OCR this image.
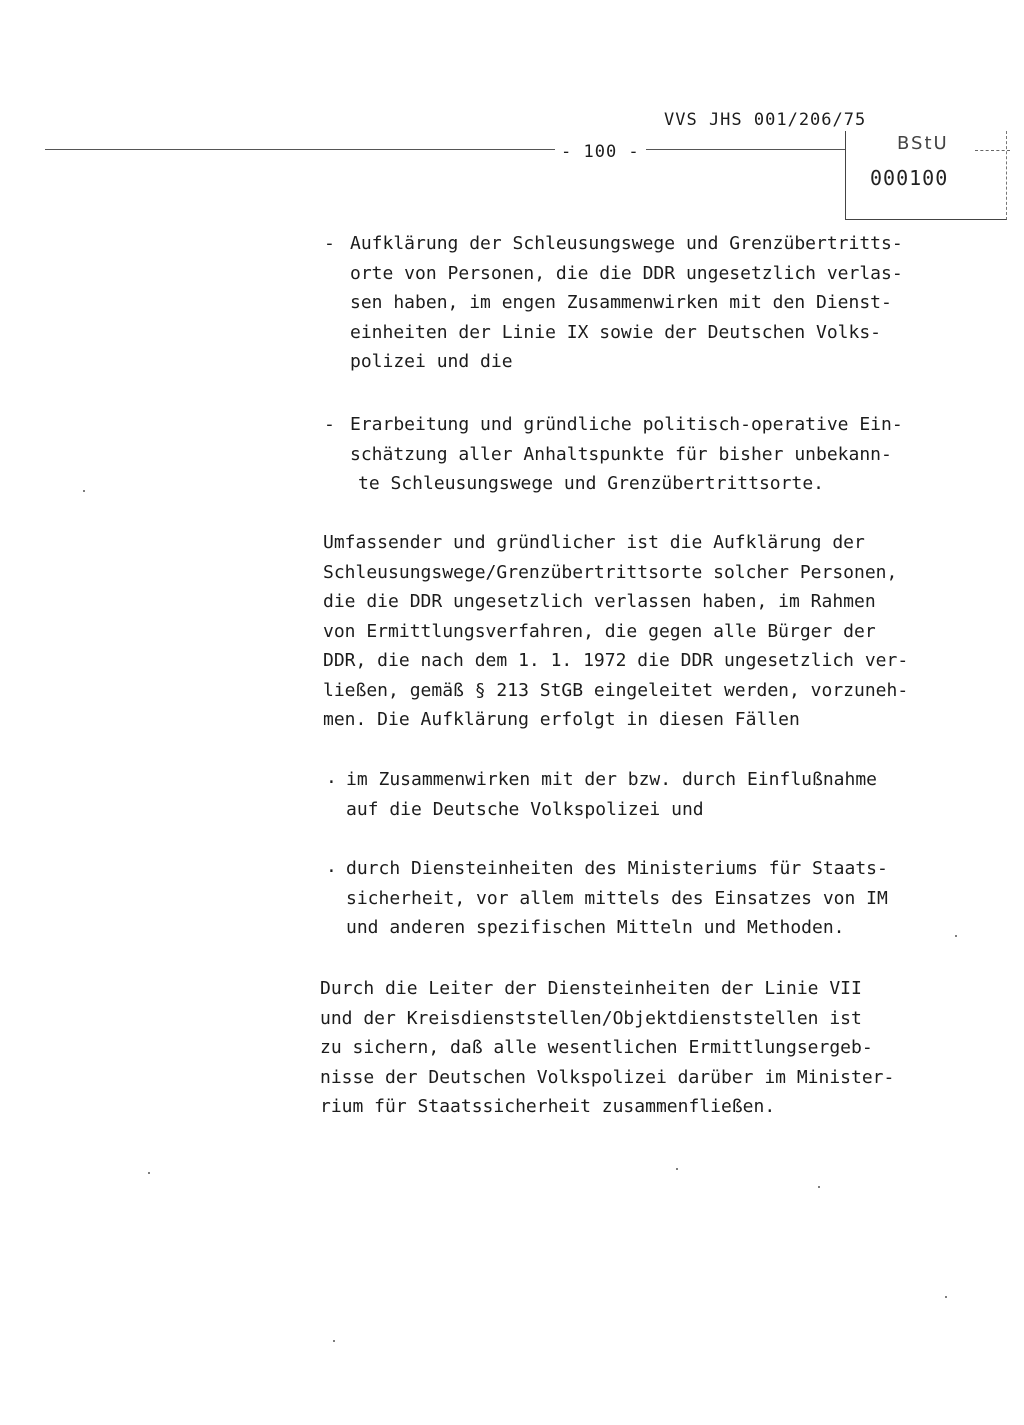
VVS JHS 001/206/75
- 100 -	BStU
000100
- Aufklärung der Schleusungswege und Grenzübertritts-
orte von Personen, die die DDR ungesetzlich verlas-
sen haben, im engen Zusammenwirken mit den Dienst-
einheiten der Linie IX sowie der Deutschen Volks-
polizei und die
- Erarbeitung und gründliche politisch-operative Ein-
schätzung aller Anhaltspunkte für bisher unbekann-
te Schleusungswege und Grenzübertrittsorte.
Umfassender und gründlicher ist die Aufklärung der
Schleusungswege/Grenzübertrittsorte solcher Personen,
die die DDR ungesetzlich verlassen haben, im Rahmen
von Ermittlungsverfahren, die gegen alle Bürger der
DDR, die nach dem 1. 1. 1972 die DDR ungesetzlich ver-
ließen, gemäß § 213 StGB eingeleitet werden, vorzuneh-
men. Die Aufklärung erfolgt in diesen Fällen
. im Zusammenwirken mit der bzw. durch Einflußnahme
auf die Deutsche Volkspolizei und
. durch Diensteinheiten des Ministeriums für Staats-
sicherheit, vor allem mittels des Einsatzes von IM
und anderen spezifischen Mitteln und Methoden.
Durch die Leiter der Diensteinheiten der Linie VII
und der Kreisdienststellen/Objektdienststellen ist
zu sichern, daß alle wesentlichen Ermittlungsergeb-
nisse der Deutschen Volkspolizei darüber im Minister-
rium für Staatssicherheit zusammenfließen.
